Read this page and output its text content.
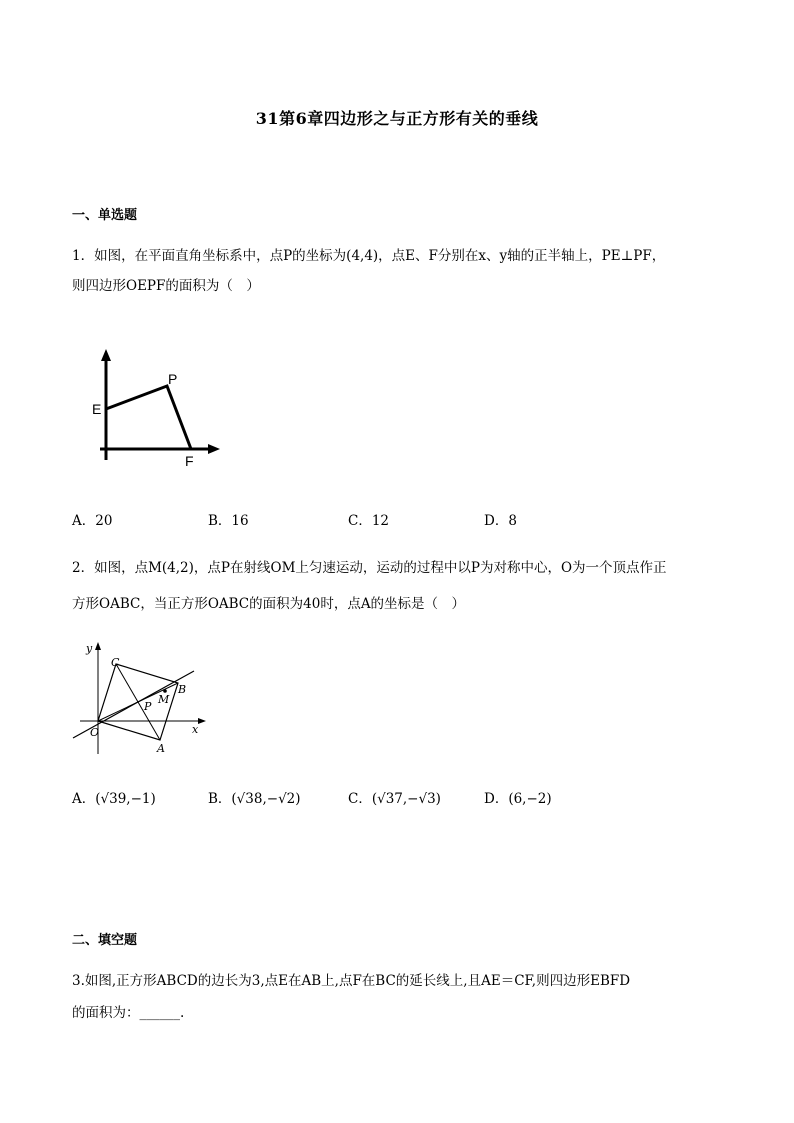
31第6章四边形之与正方形有关的垂线
一、单选题
1．如图，在平面直角坐标系中，点P的坐标为(4,4)，点E、F分别在x、y轴的正半轴上，PE⊥PF，
则四边形OEPF的面积为（　）
E
P
F
A．20	B．16	C．12	D．8
2．如图，点M(4,2)，点P在射线OM上匀速运动，运动的过程中以P为对称中心，O为一个顶点作正
方形OABC，当正方形OABC的面积为40时，点A的坐标是（　）
y
x
C
B
M
P
O
A
A．(√39,−1)	B．(√38,−√2)	C．(√37,−√3)	D．(6,−2)
二、填空题
3.如图,正方形ABCD的边长为3,点E在AB上,点F在BC的延长线上,且AE＝CF,则四边形EBFD
的面积为：______.
